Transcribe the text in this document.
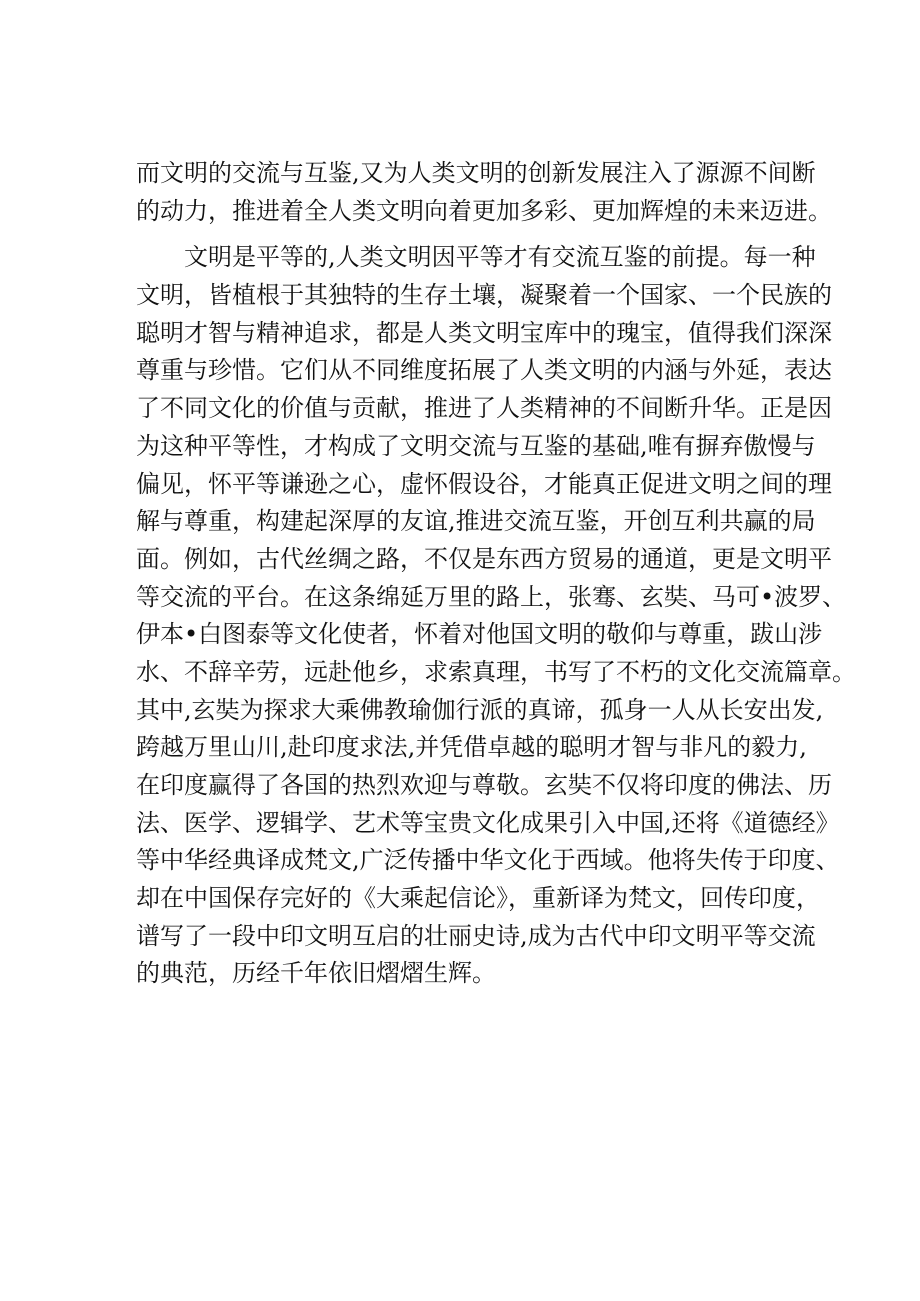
而文明的交流与互鉴,又为人类文明的创新发展注入了源源不间断
的动力，推进着全人类文明向着更加多彩、更加辉煌的未来迈进。
文明是平等的,人类文明因平等才有交流互鉴的前提。每一种
文明，皆植根于其独特的生存土壤，凝聚着一个国家、一个民族的
聪明才智与精神追求，都是人类文明宝库中的瑰宝，值得我们深深
尊重与珍惜。它们从不同维度拓展了人类文明的内涵与外延，表达
了不同文化的价值与贡献，推进了人类精神的不间断升华。正是因
为这种平等性，才构成了文明交流与互鉴的基础,唯有摒弃傲慢与
偏见，怀平等谦逊之心，虚怀假设谷，才能真正促进文明之间的理
解与尊重，构建起深厚的友谊,推进交流互鉴，开创互利共赢的局
面。例如，古代丝绸之路，不仅是东西方贸易的通道，更是文明平
等交流的平台。在这条绵延万里的路上，张骞、玄奘、马可•波罗、
伊本•白图泰等文化使者，怀着对他国文明的敬仰与尊重，跋山涉
水、不辞辛劳，远赴他乡，求索真理，书写了不朽的文化交流篇章。
其中,玄奘为探求大乘佛教瑜伽行派的真谛，孤身一人从长安出发,
跨越万里山川,赴印度求法,并凭借卓越的聪明才智与非凡的毅力,
在印度赢得了各国的热烈欢迎与尊敬。玄奘不仅将印度的佛法、历
法、医学、逻辑学、艺术等宝贵文化成果引入中国,还将《道德经》
等中华经典译成梵文,广泛传播中华文化于西域。他将失传于印度、
却在中国保存完好的《大乘起信论》，重新译为梵文，回传印度，
谱写了一段中印文明互启的壮丽史诗,成为古代中印文明平等交流
的典范，历经千年依旧熠熠生辉。
